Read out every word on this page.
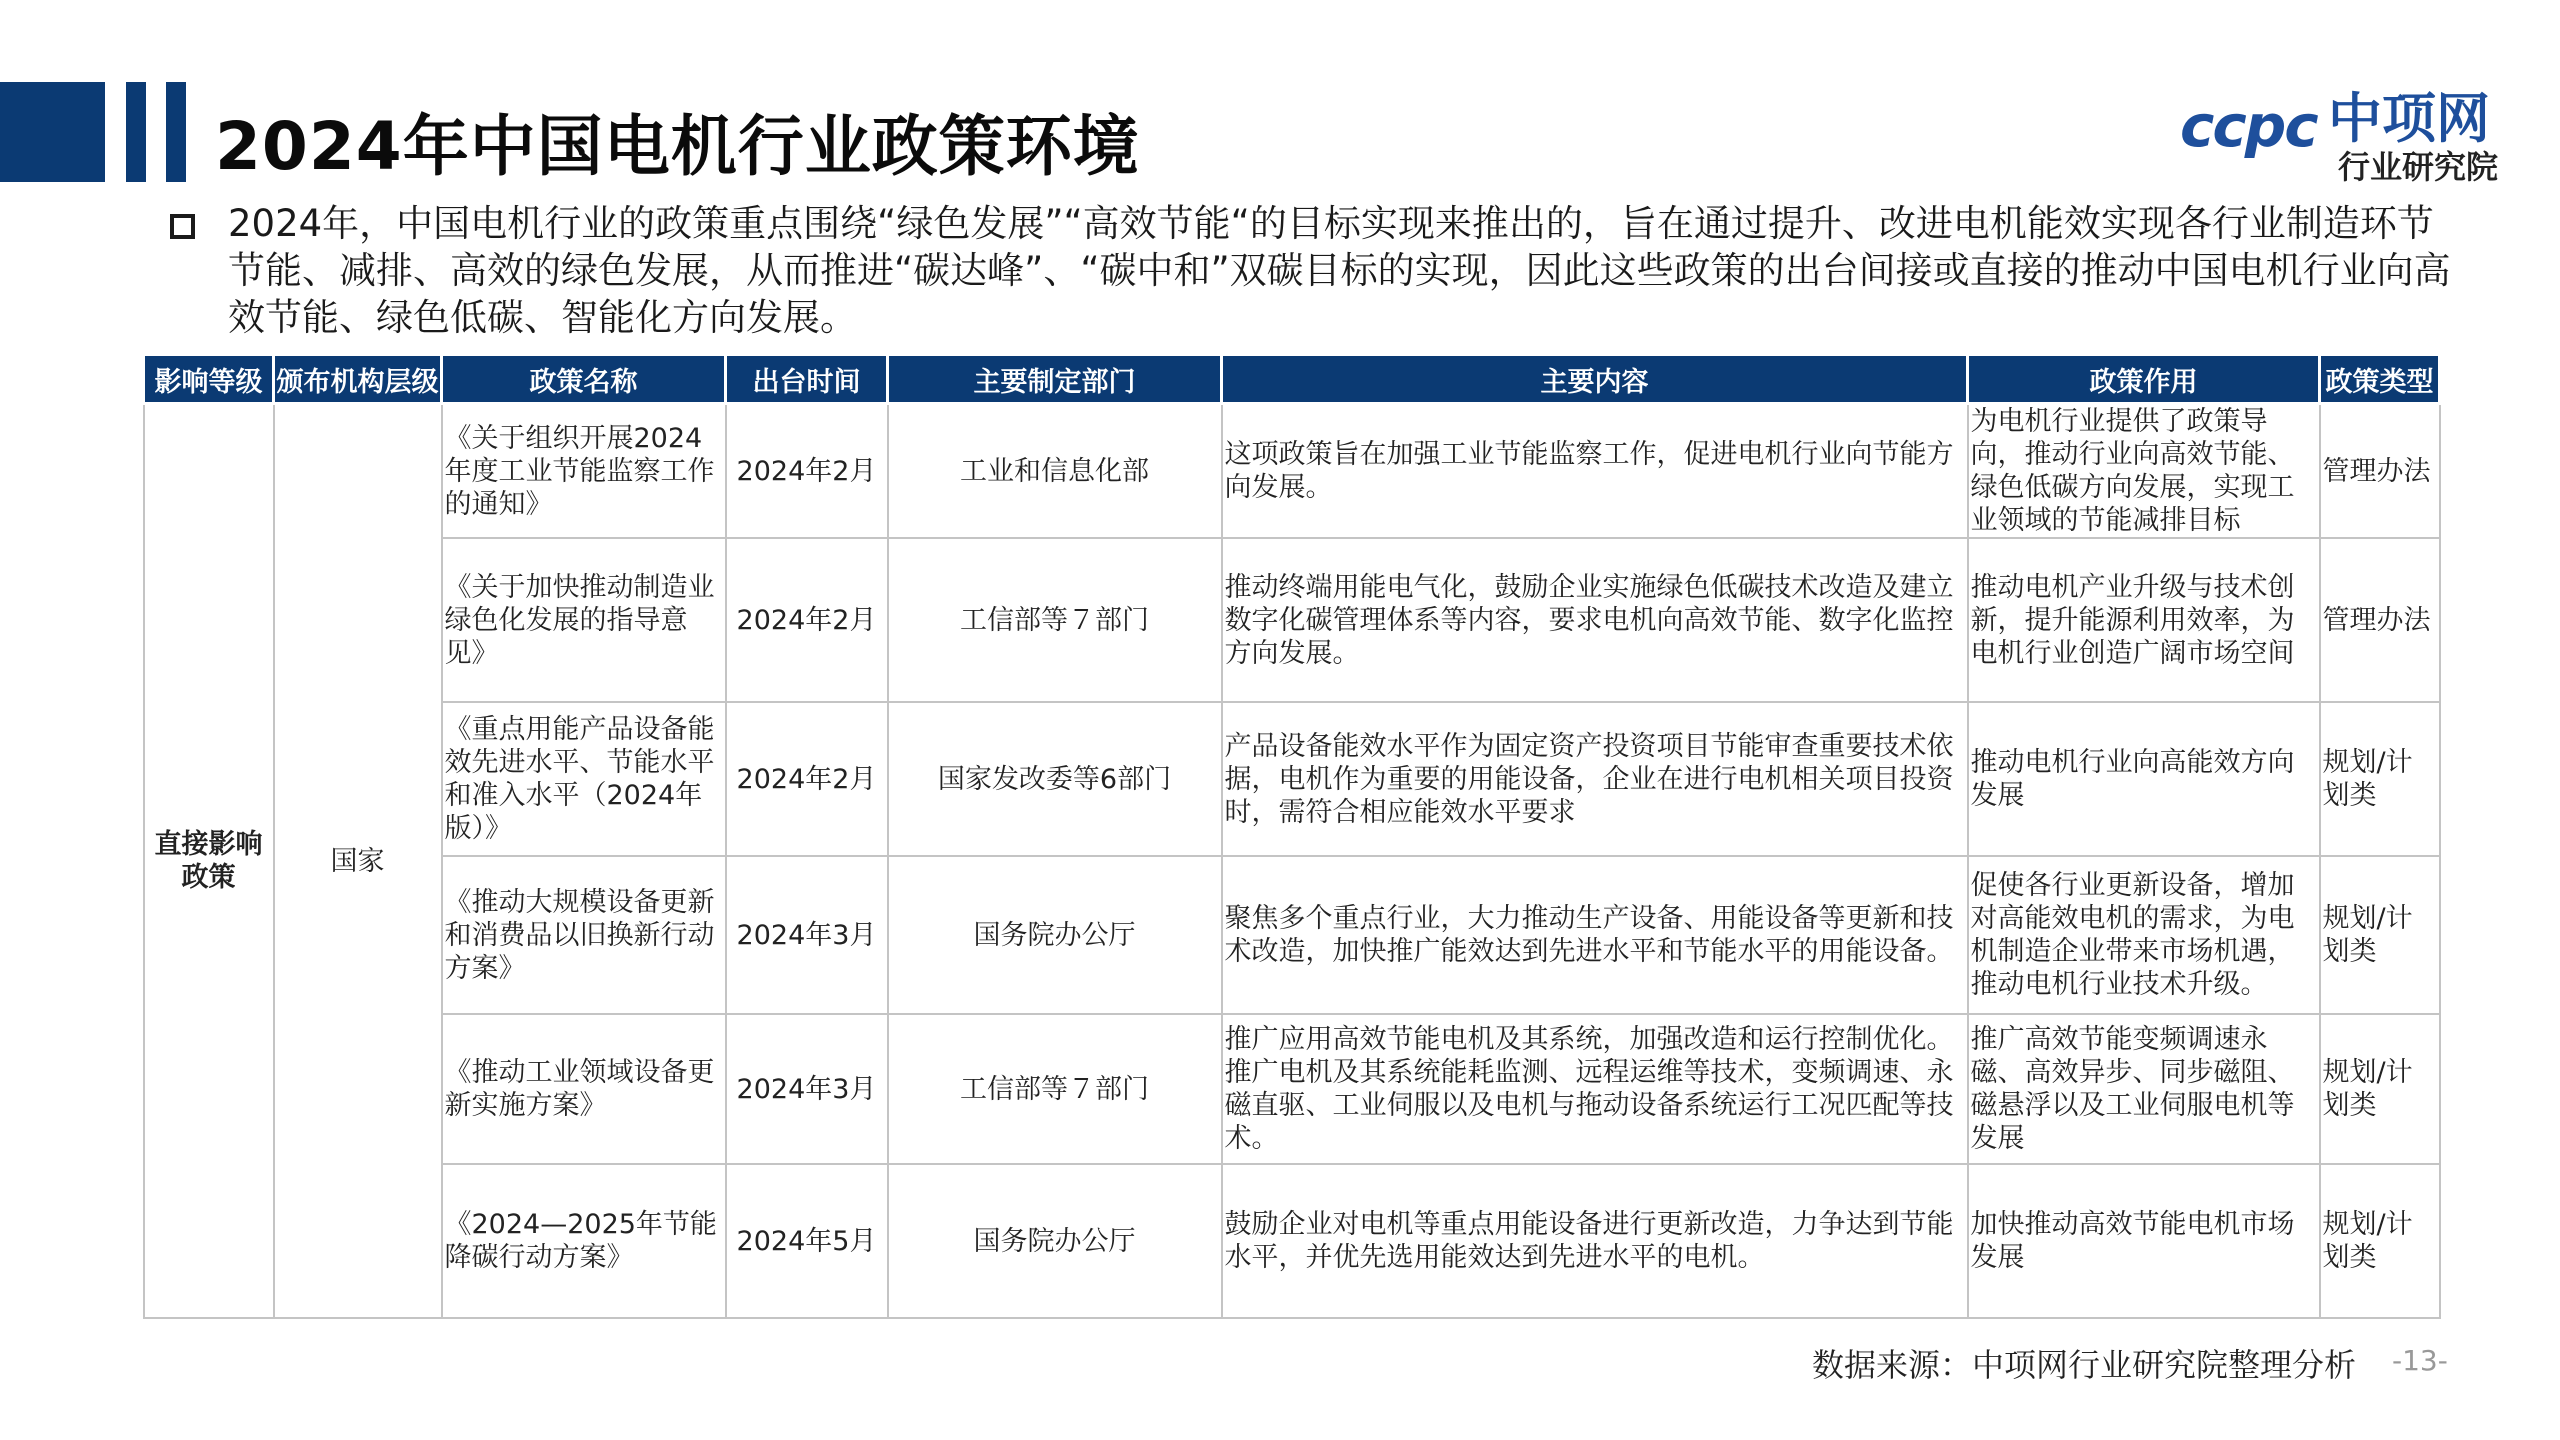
2024年中国电机行业政策环境	ccpc 中项网
行业研究院
2024年，中国电机行业的政策重点围绕“绿色发展”“高效节能“的目标实现来推出的，旨在通过提升、改进电机能效实现各行业制造环节节能、减排、高效的绿色发展，从而推进“碳达峰”、“碳中和”双碳目标的实现，因此这些政策的出台间接或直接的推动中国电机行业向高效节能、绿色低碳、智能化方向发展。
影响等级	颁布机构层级	政策名称	出台时间	主要制定部门	主要内容	政策作用	政策类型
直接影响政策	国家	《关于组织开展2024年度工业节能监察工作的通知》	2024年2月	工业和信息化部	这项政策旨在加强工业节能监察工作，促进电机行业向节能方向发展。	为电机行业提供了政策导向，推动行业向高效节能、绿色低碳方向发展，实现工业领域的节能减排目标	管理办法
		《关于加快推动制造业绿色化发展的指导意见》	2024年2月	工信部等７部门	推动终端用能电气化，鼓励企业实施绿色低碳技术改造及建立数字化碳管理体系等内容，要求电机向高效节能、数字化监控方向发展。	推动电机产业升级与技术创新，提升能源利用效率，为电机行业创造广阔市场空间	管理办法
		《重点用能产品设备能效先进水平、节能水平和准入水平（2024年版）》	2024年2月	国家发改委等6部门	产品设备能效水平作为固定资产投资项目节能审查重要技术依据，电机作为重要的用能设备，企业在进行电机相关项目投资时，需符合相应能效水平要求	推动电机行业向高能效方向发展	规划/计划类
		《推动大规模设备更新和消费品以旧换新行动方案》	2024年3月	国务院办公厅	聚焦多个重点行业，大力推动生产设备、用能设备等更新和技术改造，加快推广能效达到先进水平和节能水平的用能设备。	促使各行业更新设备，增加对高能效电机的需求，为电机制造企业带来市场机遇，推动电机行业技术升级。	规划/计划类
		《推动工业领域设备更新实施方案》	2024年3月	工信部等７部门	推广应用高效节能电机及其系统，加强改造和运行控制优化。推广电机及其系统能耗监测、远程运维等技术，变频调速、永磁直驱、工业伺服以及电机与拖动设备系统运行工况匹配等技术。	推广高效节能变频调速永磁、高效异步、同步磁阻、磁悬浮以及工业伺服电机等发展	规划/计划类
		《2024—2025年节能降碳行动方案》	2024年5月	国务院办公厅	鼓励企业对电机等重点用能设备进行更新改造，力争达到节能水平，并优先选用能效达到先进水平的电机。	加快推动高效节能电机市场发展	规划/计划类
数据来源：中项网行业研究院整理分析 -13-
